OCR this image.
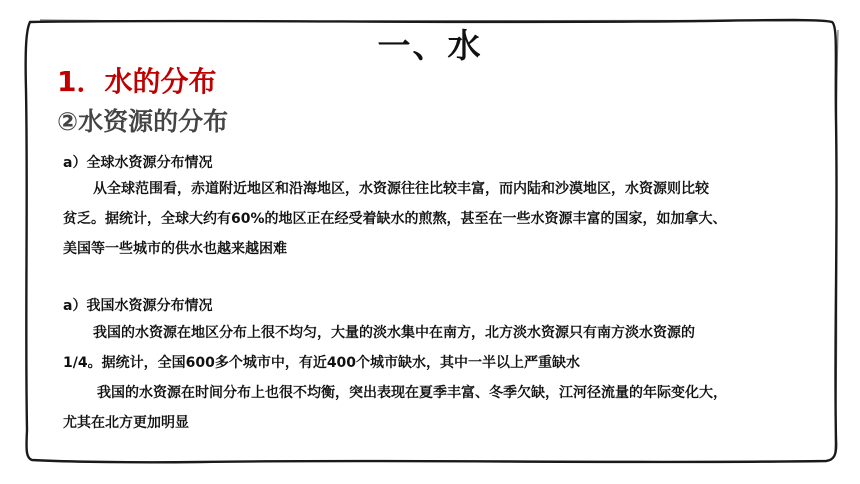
一、水
1．水的分布
②水资源的分布
a）全球水资源分布情况
从全球范围看，赤道附近地区和沿海地区，水资源往往比较丰富，而内陆和沙漠地区，水资源则比较
贫乏。据统计，全球大约有60%的地区正在经受着缺水的煎熬，甚至在一些水资源丰富的国家，如加拿大、
美国等一些城市的供水也越来越困难
a）我国水资源分布情况
我国的水资源在地区分布上很不均匀，大量的淡水集中在南方，北方淡水资源只有南方淡水资源的
1/4。据统计，全国600多个城市中，有近400个城市缺水，其中一半以上严重缺水
我国的水资源在时间分布上也很不均衡，突出表现在夏季丰富、冬季欠缺，江河径流量的年际变化大，
尤其在北方更加明显
